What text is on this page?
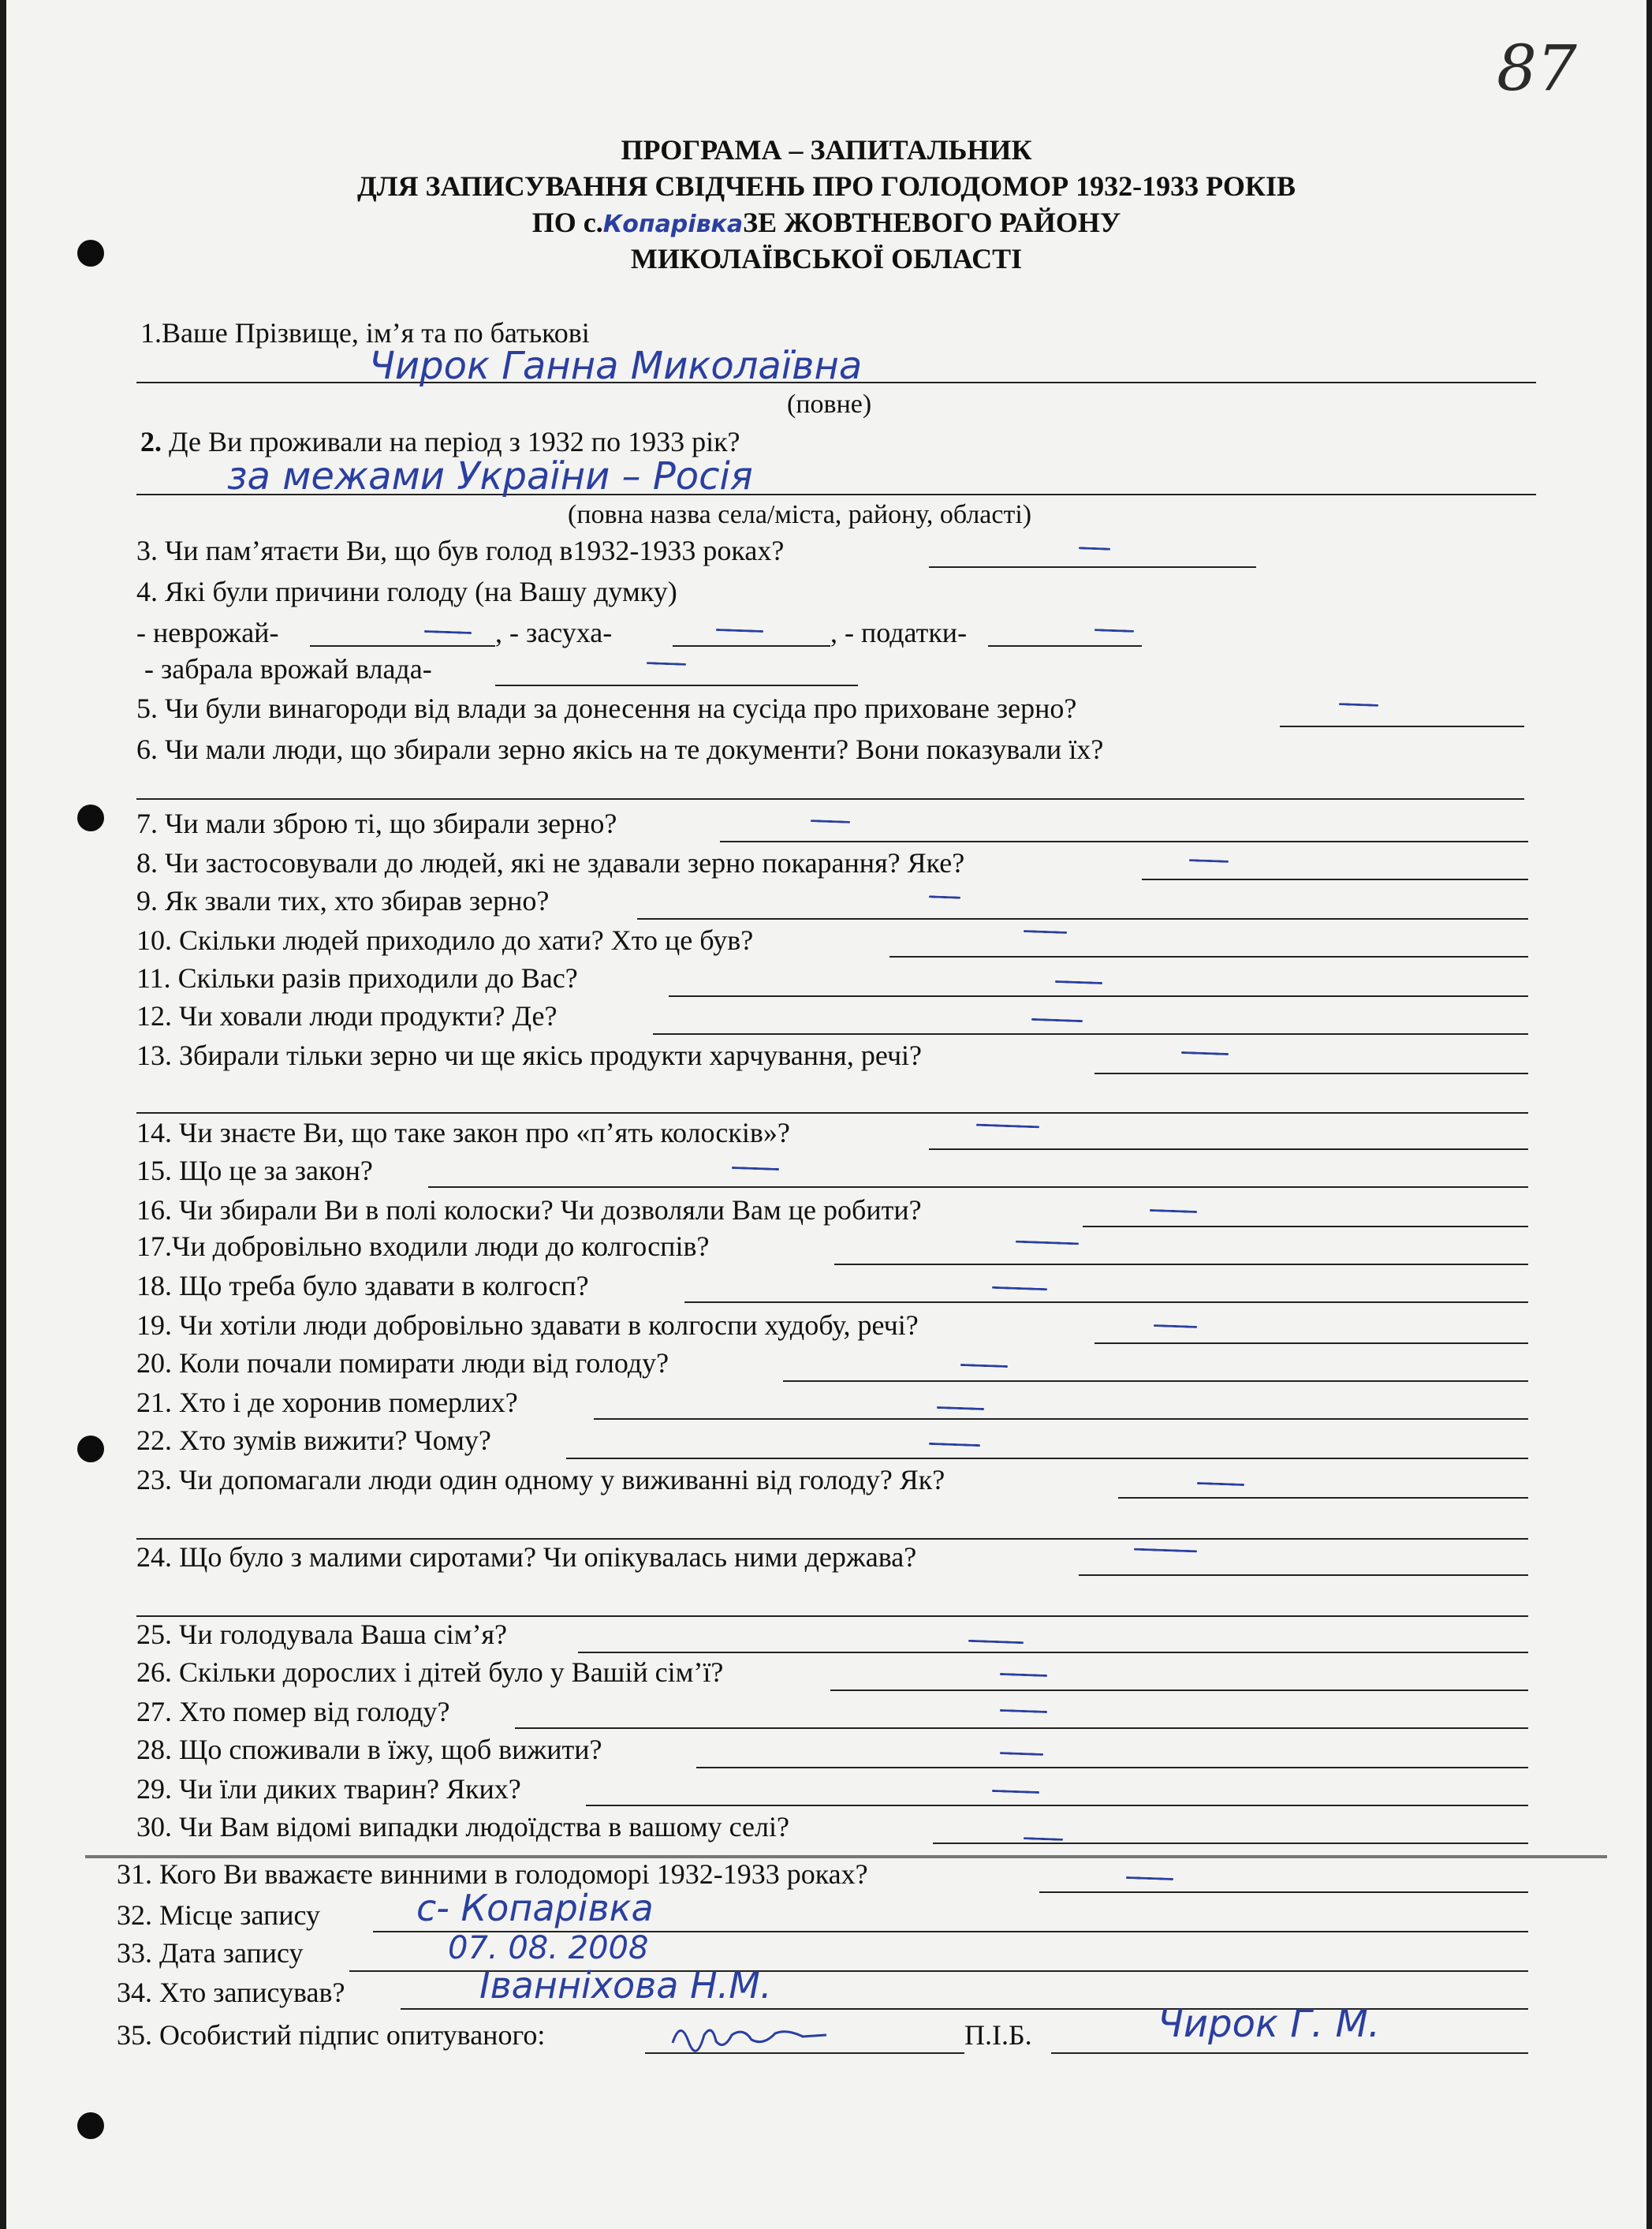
87
ПРОГРАМА – ЗАПИТАЛЬНИК
ДЛЯ ЗАПИСУВАННЯ СВІДЧЕНЬ ПРО ГОЛОДОМОР 1932-1933 РОКІВ
ПО с.КопарівкаЗЕ ЖОВТНЕВОГО РАЙОНУ
МИКОЛАЇВСЬКОЇ ОБЛАСТІ
1.Ваше Прізвище, ім’я та по батькові
Чирок Ганна Миколаївна
(повне)
2. Де Ви проживали на період з 1932 по 1933 рік?
за межами України – Росія
(повна назва села/міста, району, області)
3. Чи пам’ятаєти Ви, що був голод в1932-1933 роках?
4. Які були причини голоду (на Вашу думку)
- неврожай-	, - засуха-	, - податки-
- забрала врожай влада-
5. Чи були винагороди від влади за донесення на сусіда про приховане зерно?
6. Чи мали люди, що збирали зерно якісь на те документи? Вони показували їх?
7. Чи мали зброю ті, що збирали зерно?
8. Чи застосовували до людей, які не здавали зерно покарання? Яке?
9. Як звали тих, хто збирав зерно?
10. Скільки людей приходило до хати? Хто це був?
11. Скільки разів приходили до Вас?
12. Чи ховали люди продукти? Де?
13. Збирали тільки зерно чи ще якісь продукти харчування, речі?
14. Чи знаєте Ви, що таке закон про «п’ять колосків»?
15. Що це за закон?
16. Чи збирали Ви в полі колоски? Чи дозволяли Вам це робити?
17.Чи добровільно входили люди до колгоспів?
18. Що треба було здавати в колгосп?
19. Чи хотіли люди добровільно здавати в колгоспи худобу, речі?
20. Коли почали помирати люди від голоду?
21. Хто і де хоронив померлих?
22. Хто зумів вижити? Чому?
23. Чи допомагали люди один одному у виживанні від голоду? Як?
24. Що було з малими сиротами? Чи опікувалась ними держава?
25. Чи голодувала Ваша сім’я?
26. Скільки дорослих і дітей було у Вашій сім’ї?
27. Хто помер від голоду?
28. Що споживали в їжу, щоб вижити?
29. Чи їли диких тварин? Яких?
30. Чи Вам відомі випадки людоїдства в вашому селі?
31. Кого Ви вважаєте винними в голодоморі 1932-1933 роках?
32. Місце запису	с- Копарівка
33. Дата запису	07. 08. 2008
34. Хто записував?	Іванніхова Н.М.
35. Особистий підпис опитуваного:	П.І.Б.	Чирок Г. М.
